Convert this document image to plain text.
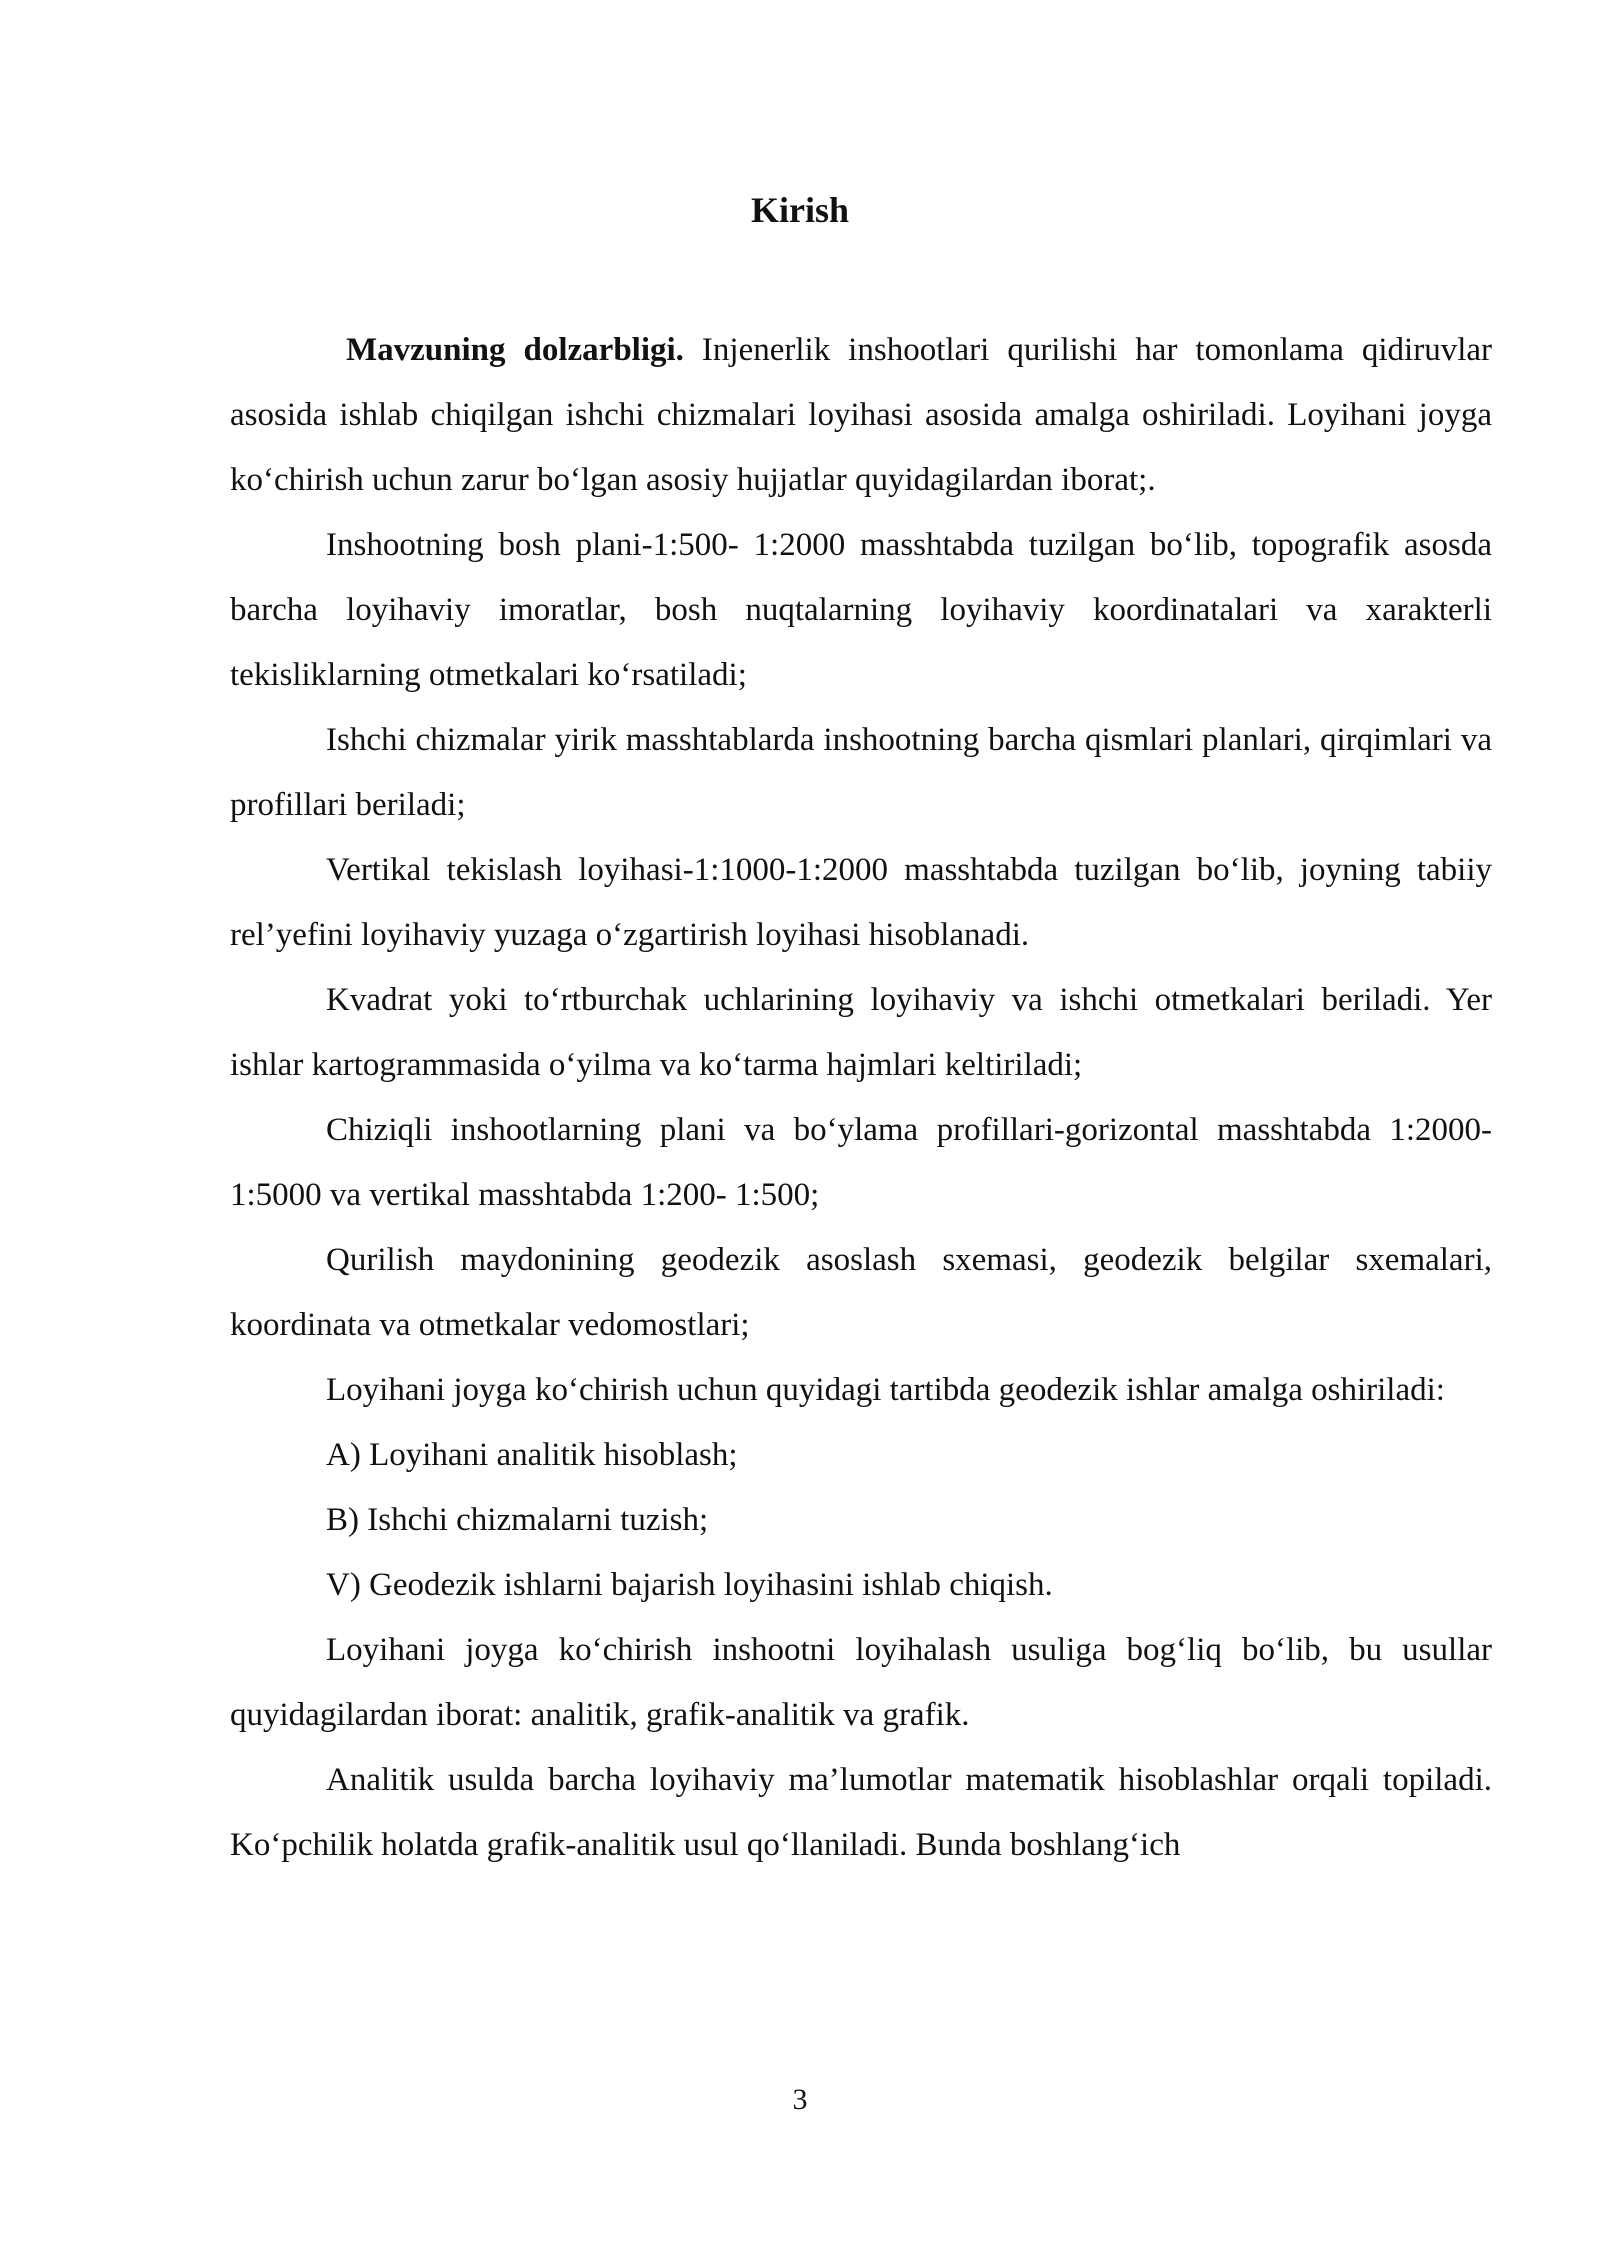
Kirish

Mavzuning dolzarbligi. Injenerlik inshootlari qurilishi har tomonlama qidiruvlar asosida ishlab chiqilgan ishchi chizmalari loyihasi asosida amalga oshiriladi. Loyihani joyga ko‘chirish uchun zarur bo‘lgan asosiy hujjatlar quyidagilardan iborat;.

Inshootning bosh plani-1:500- 1:2000 masshtabda tuzilgan bo‘lib, topografik asosda barcha loyihaviy imoratlar, bosh nuqtalarning loyihaviy koordinatalari va xarakterli tekisliklarning otmetkalari ko‘rsatiladi;

Ishchi chizmalar yirik masshtablarda inshootning barcha qismlari planlari, qirqimlari va profillari beriladi;

Vertikal tekislash loyihasi-1:1000-1:2000 masshtabda tuzilgan bo‘lib, joyning tabiiy rel’yefini loyihaviy yuzaga o‘zgartirish loyihasi hisoblanadi.

Kvadrat yoki to‘rtburchak uchlarining loyihaviy va ishchi otmetkalari beriladi. Yer ishlar kartogrammasida o‘yilma va ko‘tarma hajmlari keltiriladi;

Chiziqli inshootlarning plani va bo‘ylama profillari-gorizontal masshtabda 1:2000- 1:5000 va vertikal masshtabda 1:200- 1:500;

Qurilish maydonining geodezik asoslash sxemasi, geodezik belgilar sxemalari, koordinata va otmetkalar vedomostlari;

Loyihani joyga ko‘chirish uchun quyidagi tartibda geodezik ishlar amalga oshiriladi:

A) Loyihani analitik hisoblash;

B) Ishchi chizmalarni tuzish;

V) Geodezik ishlarni bajarish loyihasini ishlab chiqish.

Loyihani joyga ko‘chirish inshootni loyihalash usuliga bog‘liq bo‘lib, bu usullar quyidagilardan iborat: analitik, grafik-analitik va grafik.

Analitik usulda barcha loyihaviy ma’lumotlar matematik hisoblashlar orqali topiladi. Ko‘pchilik holatda grafik-analitik usul qo‘llaniladi. Bunda boshlang‘ich

3
